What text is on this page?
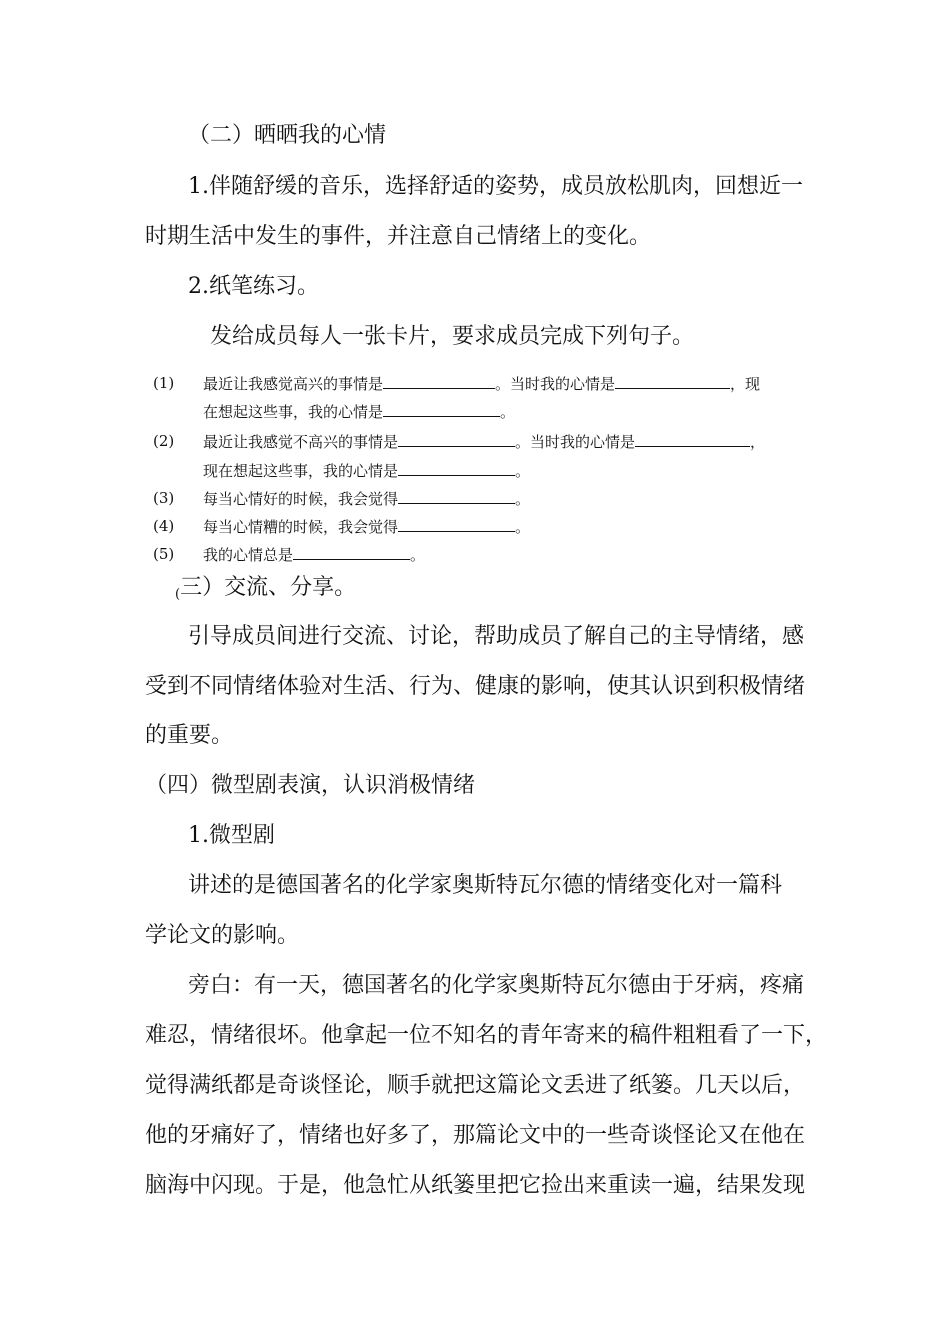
（二）晒晒我的心情
1.伴随舒缓的音乐，选择舒适的姿势，成员放松肌肉，回想近一
时期生活中发生的事件，并注意自己情绪上的变化。
2.纸笔练习。
发给成员每人一张卡片，要求成员完成下列句子。
(1) 最近让我感觉高兴的事情是	。当时我的心情是	，现
在想起这些事，我的心情是	。
(2) 最近让我感觉不高兴的事情是	。当时我的心情是	，
现在想起这些事，我的心情是	。
(3) 每当心情好的时候，我会觉得	。
(4) 每当心情糟的时候，我会觉得	。
(5) 我的心情总是	。
(三）交流、分享。
引导成员间进行交流、讨论，帮助成员了解自己的主导情绪，感
受到不同情绪体验对生活、行为、健康的影响，使其认识到积极情绪
的重要。
（四）微型剧表演，认识消极情绪
1.微型剧
讲述的是德国著名的化学家奥斯特瓦尔德的情绪变化对一篇科
学论文的影响。
旁白：有一天，德国著名的化学家奥斯特瓦尔德由于牙病，疼痛
难忍，情绪很坏。他拿起一位不知名的青年寄来的稿件粗粗看了一下，
觉得满纸都是奇谈怪论，顺手就把这篇论文丢进了纸篓。几天以后，
他的牙痛好了，情绪也好多了，那篇论文中的一些奇谈怪论又在他在
脑海中闪现。于是，他急忙从纸篓里把它捡出来重读一遍，结果发现
